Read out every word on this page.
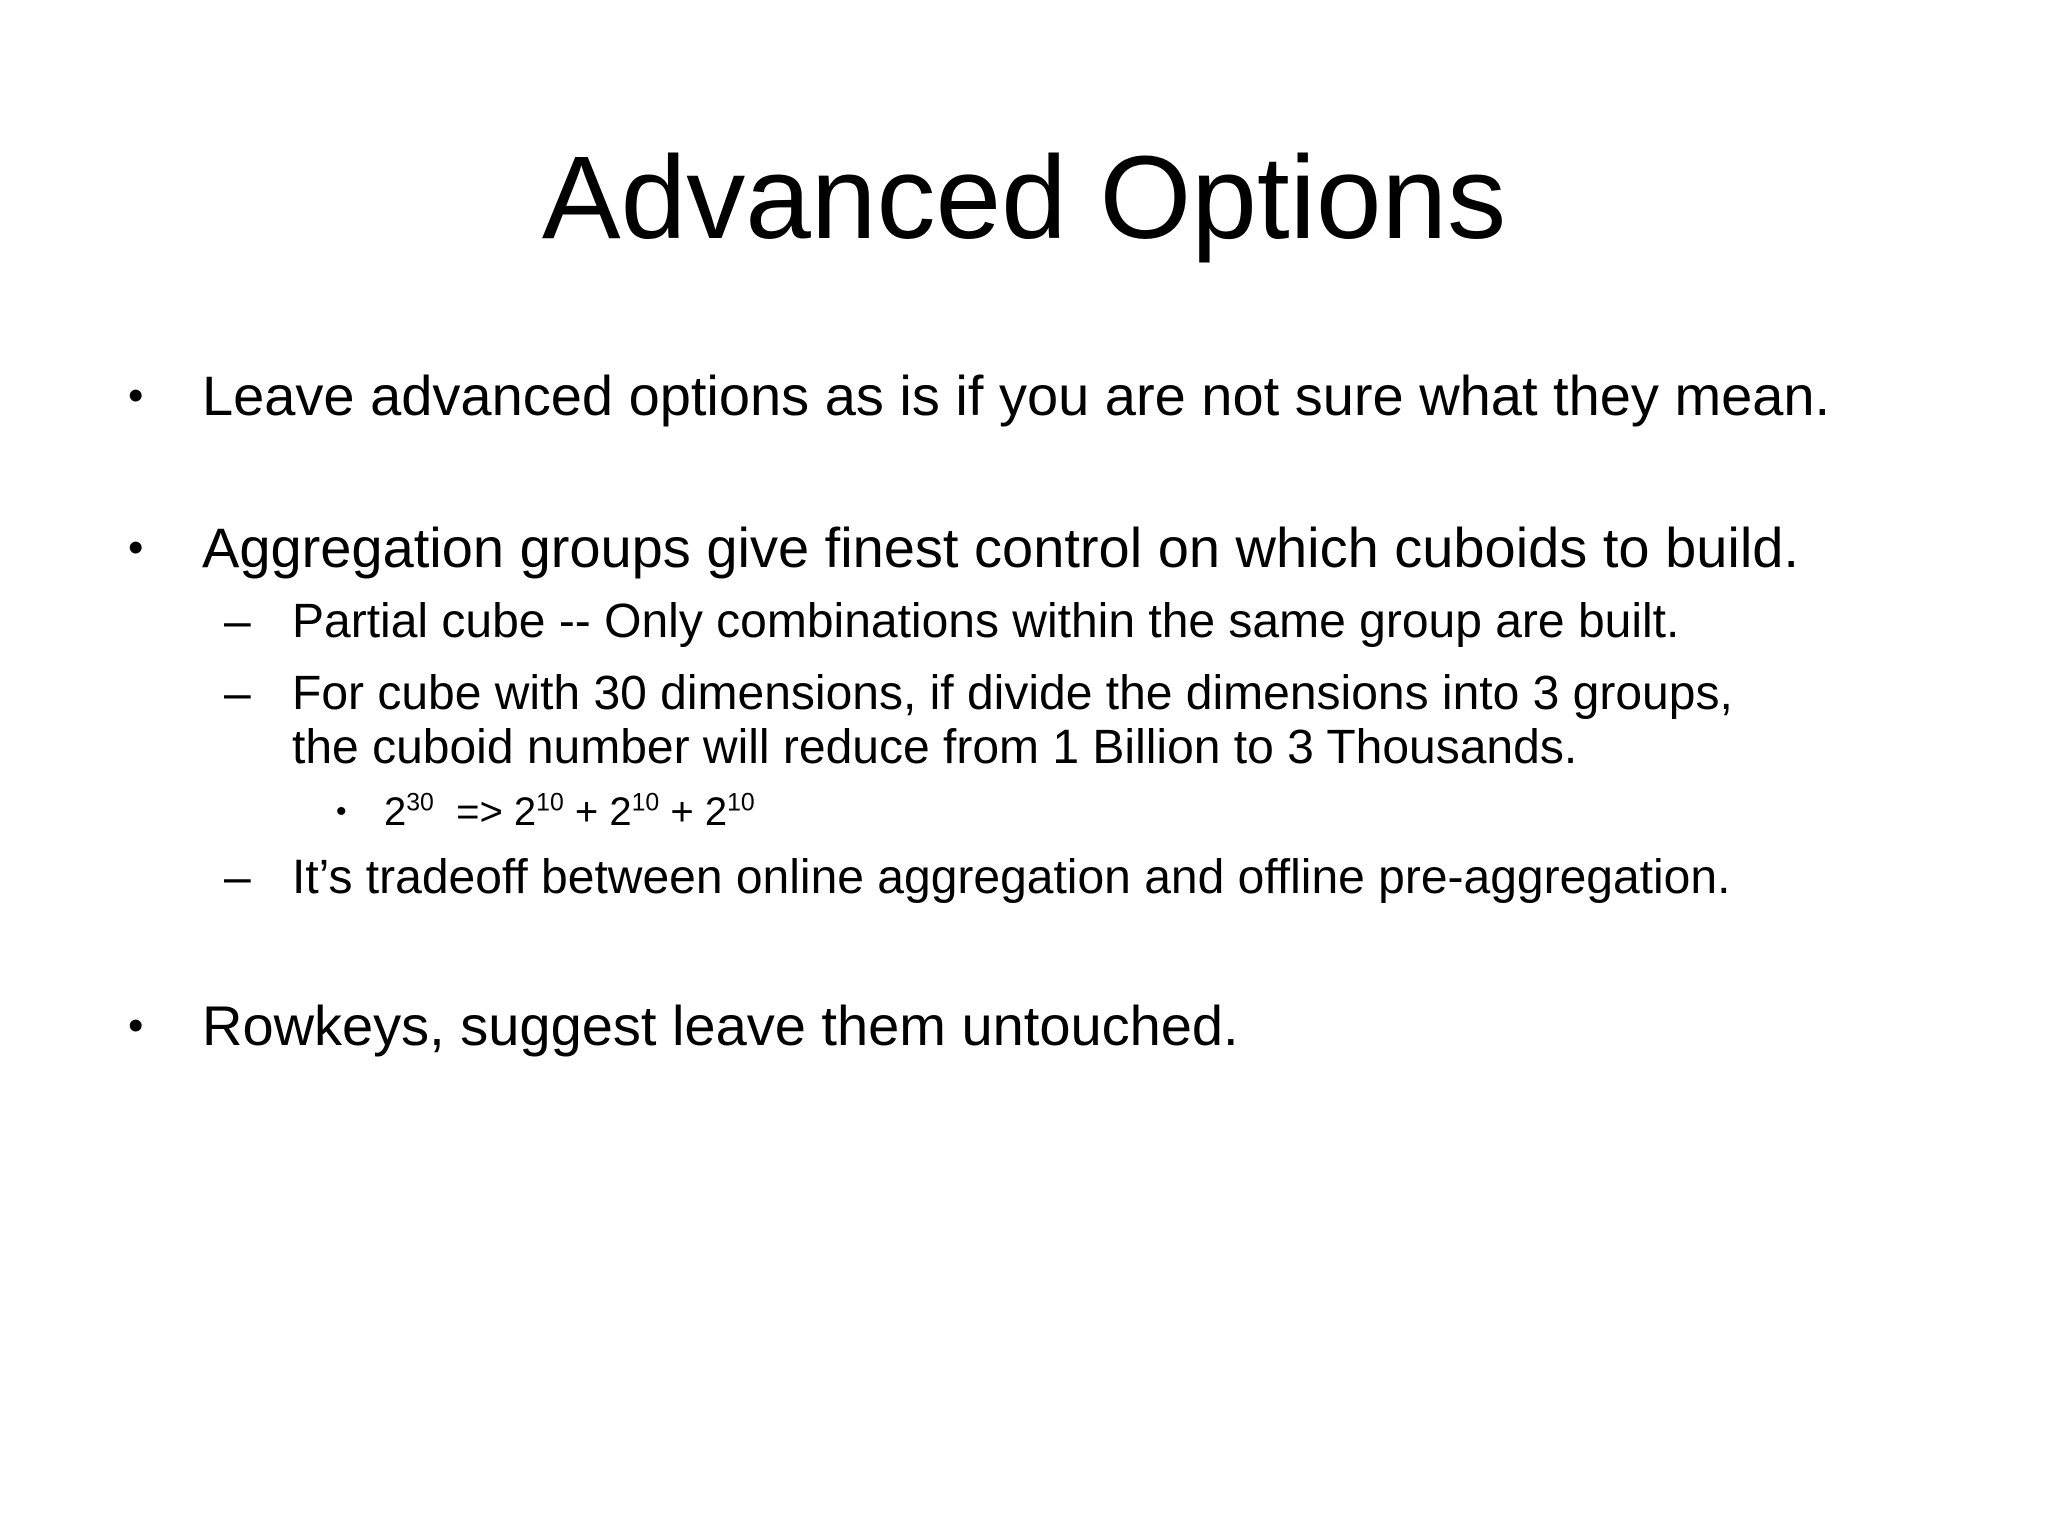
Advanced Options
• Leave advanced options as is if you are not sure what they mean.
• Aggregation groups give finest control on which cuboids to build.
– Partial cube -- Only combinations within the same group are built.
– For cube with 30 dimensions, if divide the dimensions into 3 groups,
the cuboid number will reduce from 1 Billion to 3 Thousands.
• $2^{30} => 2^{10} + 2^{10} + 2^{10}$
– It’s tradeoff between online aggregation and offline pre-aggregation.
• Rowkeys, suggest leave them untouched.
